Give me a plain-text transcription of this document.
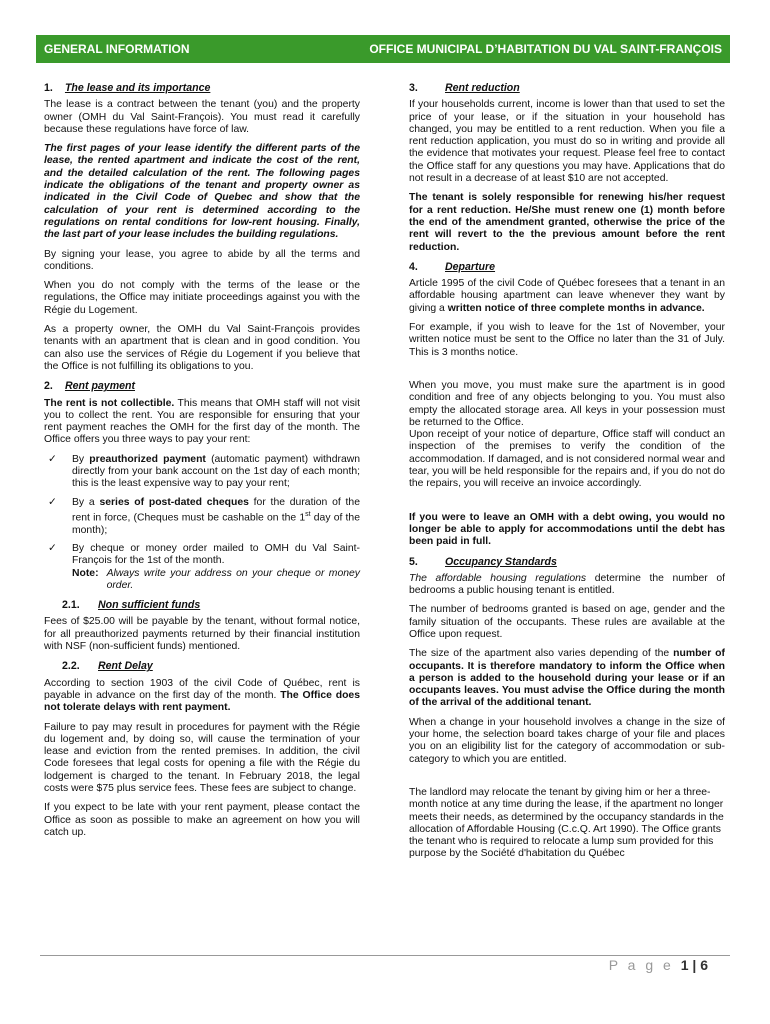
GENERAL INFORMATION	OFFICE MUNICIPAL D’HABITATION DU VAL SAINT-FRANÇOIS
1. The lease and its importance

The lease is a contract between the tenant (you) and the property owner (OMH du Val Saint-François). You must read it carefully because these regulations have force of law.

The first pages of your lease identify the different parts of the lease, the rented apartment and indicate the cost of the rent, and the detailed calculation of the rent. The following pages indicate the obligations of the tenant and property owner as indicated in the Civil Code of Quebec and show that the calculation of your rent is determined according to the regulations on rental conditions for low-rent housing. Finally, the last part of your lease includes the building regulations.

By signing your lease, you agree to abide by all the terms and conditions.

When you do not comply with the terms of the lease or the regulations, the Office may initiate proceedings against you with the Régie du Logement.

As a property owner, the OMH du Val Saint-François provides tenants with an apartment that is clean and in good condition. You can also use the services of Régie du Logement if you believe that the Office is not fulfilling its obligations to you.

2. Rent payment

The rent is not collectible. This means that OMH staff will not visit you to collect the rent. You are responsible for ensuring that your rent payment reaches the OMH for the first day of the month. The Office offers you three ways to pay your rent:

✓ By preauthorized payment (automatic payment) withdrawn directly from your bank account on the 1st day of each month; this is the least expensive way to pay your rent;
✓ By a series of post-dated cheques for the duration of the rent in force, (Cheques must be cashable on the 1st day of the month);
✓ By cheque or money order mailed to OMH du Val Saint-François for the 1st of the month.

Note: Always write your address on your cheque or money order.
2.1. Non sufficient funds

Fees of $25.00 will be payable by the tenant, without formal notice, for all preauthorized payments returned by their financial institution with NSF (non-sufficient funds) mentioned.

2.2. Rent Delay

According to section 1903 of the civil Code of Québec, rent is payable in advance on the first day of the month. The Office does not tolerate delays with rent payment.

Failure to pay may result in procedures for payment with the Régie du logement and, by doing so, will cause the termination of your lease and eviction from the rented premises. In addition, the civil Code foresees that legal costs for opening a file with the Régie du lodgement is charged to the tenant. In February 2018, the legal costs were $75 plus service fees. These fees are subject to change.

If you expect to be late with your rent payment, please contact the Office as soon as possible to make an agreement on how you will catch up.

3.	Rent reduction

If your households current, income is lower than that used to set the price of your lease, or if the situation in your household has changed, you may be entitled to a rent reduction. When you file a rent reduction application, you must do so in writing and provide all the evidence that motivates your request. Please feel free to contact the Office staff for any questions you may have. Applications that do not result in a decrease of at least $10 are not accepted.

The tenant is solely responsible for renewing his/her request for a rent reduction. He/She must renew one (1) month before the end of the amendment granted, otherwise the price of the rent will revert to the the previous amount before the rent reduction.

4.	Departure

Article 1995 of the civil Code of Québec foresees that a tenant in an affordable housing apartment can leave whenever they want by giving a written notice of three complete months in advance.

For example, if you wish to leave for the 1st of November, your written notice must be sent to the Office no later than the 31 of July. This is 3 months notice.

When you move, you must make sure the apartment is in good condition and free of any objects belonging to you. You must also empty the allocated storage area. All keys in your possession must be returned to the Office.

Upon receipt of your notice of departure, Office staff will conduct an inspection of the premises to verify the condition of the accommodation. If damaged, and is not considered normal wear and tear, you will be held responsible for the repairs and, if you do not do the repairs, you will receive an invoice accordingly.

If you were to leave an OMH with a debt owing, you would no longer be able to apply for accommodations until the debt has been paid in full.

5.	Occupancy Standards

The affordable housing regulations determine the number of bedrooms a public housing tenant is entitled.

The number of bedrooms granted is based on age, gender and the family situation of the occupants. These rules are available at the Office upon request.

The size of the apartment also varies depending of the number of occupants. It is therefore mandatory to inform the Office when a person is added to the household during your lease or if an occupants leaves. You must advise the Office during the month of the arrival of the additional tenant.

When a change in your household involves a change in the size of your home, the selection board takes charge of your file and places you on an eligibility list for the category of accommodation or sub-category to which you are entitled.

The landlord may relocate the tenant by giving him or her a three-month notice at any time during the lease, if the apartment no longer meets their needs, as determined by the occupancy standards in the allocation of Affordable Housing (C.c.Q. Art 1990). The Office grants the tenant who is required to relocate a lump sum provided for this purpose by the Société d'habitation du Québec

P a g e 1 | 6
